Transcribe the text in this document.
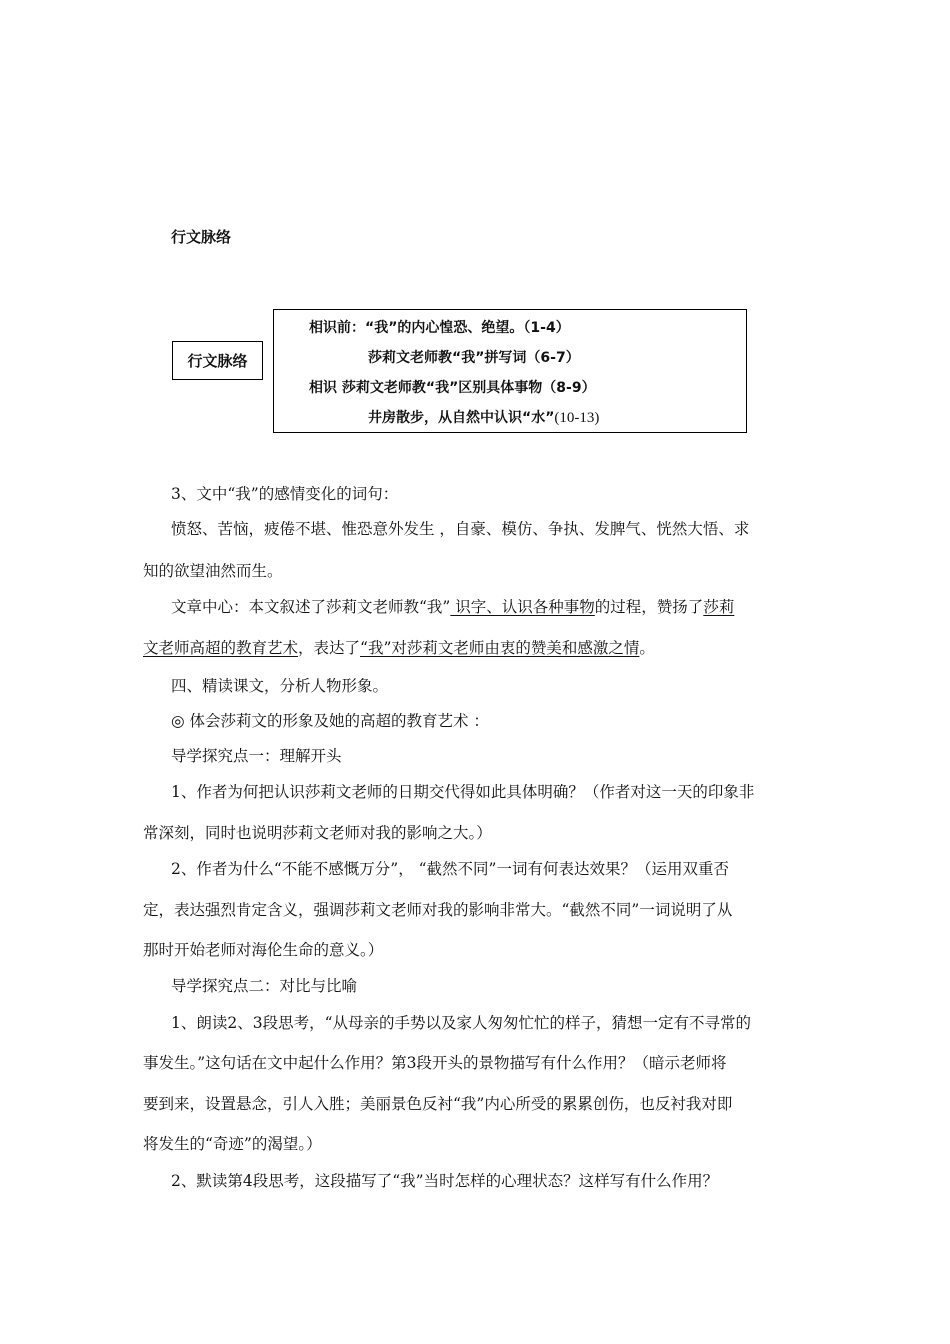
行文脉络
行文脉络
相识前：“我”的内心惶恐、绝望。（1-4）
莎莉文老师教“我”拼写词（6-7）
相识 莎莉文老师教“我”区别具体事物（8-9）
井房散步，从自然中认识“水”(10-13)
3、文中“我”的感情变化的词句：
愤怒、苦恼，疲倦不堪、惟恐意外发生 ，自豪、模仿、争执、发脾气、恍然大悟、求
知的欲望油然而生。
文章中心：本文叙述了莎莉文老师教“我” 识字、认识各种事物的过程，赞扬了莎莉
文老师高超的教育艺术，表达了“我”对莎莉文老师由衷的赞美和感激之情。
四、精读课文，分析人物形象。
◎ 体会莎莉文的形象及她的高超的教育艺术 ：
导学探究点一：理解开头
1、作者为何把认识莎莉文老师的日期交代得如此具体明确？（作者对这一天的印象非
常深刻，同时也说明莎莉文老师对我的影响之大。）
2、作者为什么“不能不感慨万分”， “截然不同”一词有何表达效果？（运用双重否
定，表达强烈肯定含义，强调莎莉文老师对我的影响非常大。“截然不同”一词说明了从
那时开始老师对海伦生命的意义。）
导学探究点二：对比与比喻
1、朗读2、3段思考，“从母亲的手势以及家人匆匆忙忙的样子，猜想一定有不寻常的
事发生。”这句话在文中起什么作用？第3段开头的景物描写有什么作用？（暗示老师将
要到来，设置悬念，引人入胜；美丽景色反衬“我”内心所受的累累创伤，也反衬我对即
将发生的“奇迹”的渴望。）
2、默读第4段思考，这段描写了“我”当时怎样的心理状态？这样写有什么作用？
